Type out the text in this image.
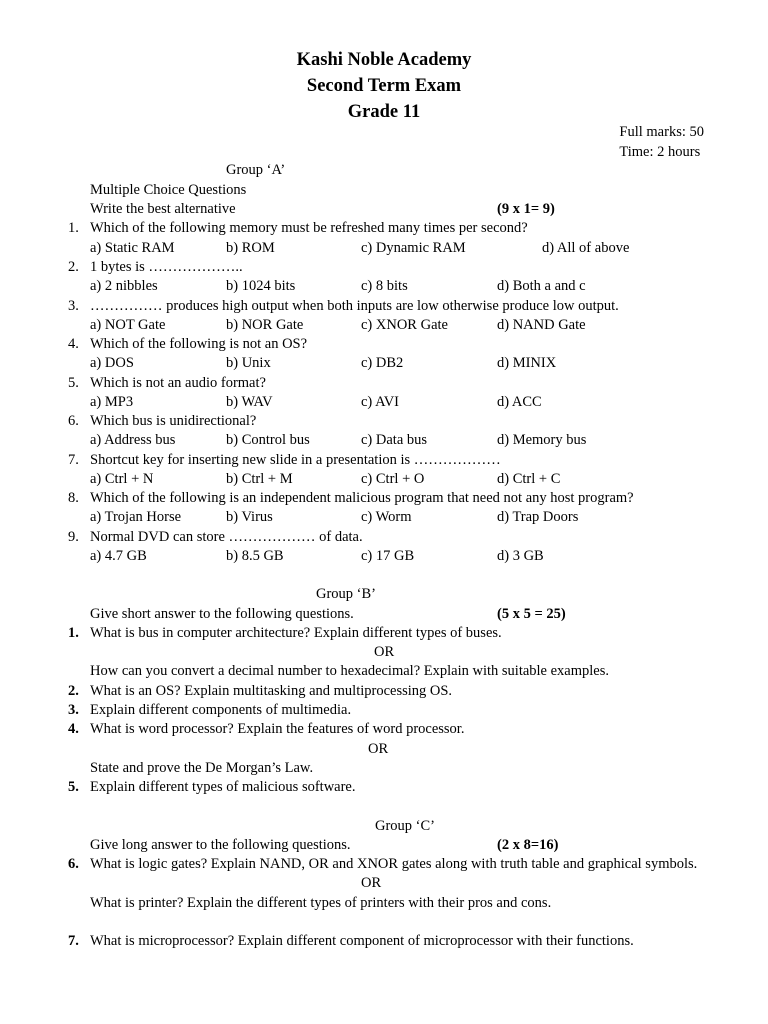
Kashi Noble Academy
Second Term Exam
Grade 11
Full marks: 50
Time: 2 hours
Group ‘A’
Multiple Choice Questions
Write the best alternative	(9 x 1= 9)
1. Which of the following memory must be refreshed many times per second?
a) Static RAM	b) ROM	c) Dynamic RAM	d) All of above
2. 1 bytes is ………………..
a) 2 nibbles	b) 1024 bits	c) 8 bits	d) Both a and c
3. …………… produces high output when both inputs are low otherwise produce low output.
a) NOT Gate	b) NOR Gate	c) XNOR Gate	d) NAND Gate
4. Which of the following is not an OS?
a) DOS	b) Unix	c) DB2	d) MINIX
5. Which is not an audio format?
a) MP3	b) WAV	c) AVI	d) ACC
6. Which bus is unidirectional?
a) Address bus	b) Control bus	c) Data bus	d) Memory bus
7. Shortcut key for inserting new slide in a presentation is ………………
a) Ctrl + N	b) Ctrl + M	c) Ctrl + O	d) Ctrl + C
8. Which of the following is an independent malicious program that need not any host program?
a) Trojan Horse	b) Virus	c) Worm	d) Trap Doors
9. Normal DVD can store ……………… of data.
a) 4.7 GB	b) 8.5 GB	c) 17 GB	d) 3 GB
Group ‘B’
Give short answer to the following questions.	(5 x 5 = 25)
1. What is bus in computer architecture? Explain different types of buses.
OR
How can you convert a decimal number to hexadecimal? Explain with suitable examples.
2. What is an OS? Explain multitasking and multiprocessing OS.
3. Explain different components of multimedia.
4. What is word processor? Explain the features of word processor.
OR
State and prove the De Morgan’s Law.
5. Explain different types of malicious software.
Group ‘C’
Give long answer to the following questions.	(2 x 8=16)
6. What is logic gates? Explain NAND, OR and XNOR gates along with truth table and graphical symbols.
OR
What is printer? Explain the different types of printers with their pros and cons.
7. What is microprocessor? Explain different component of microprocessor with their functions.
